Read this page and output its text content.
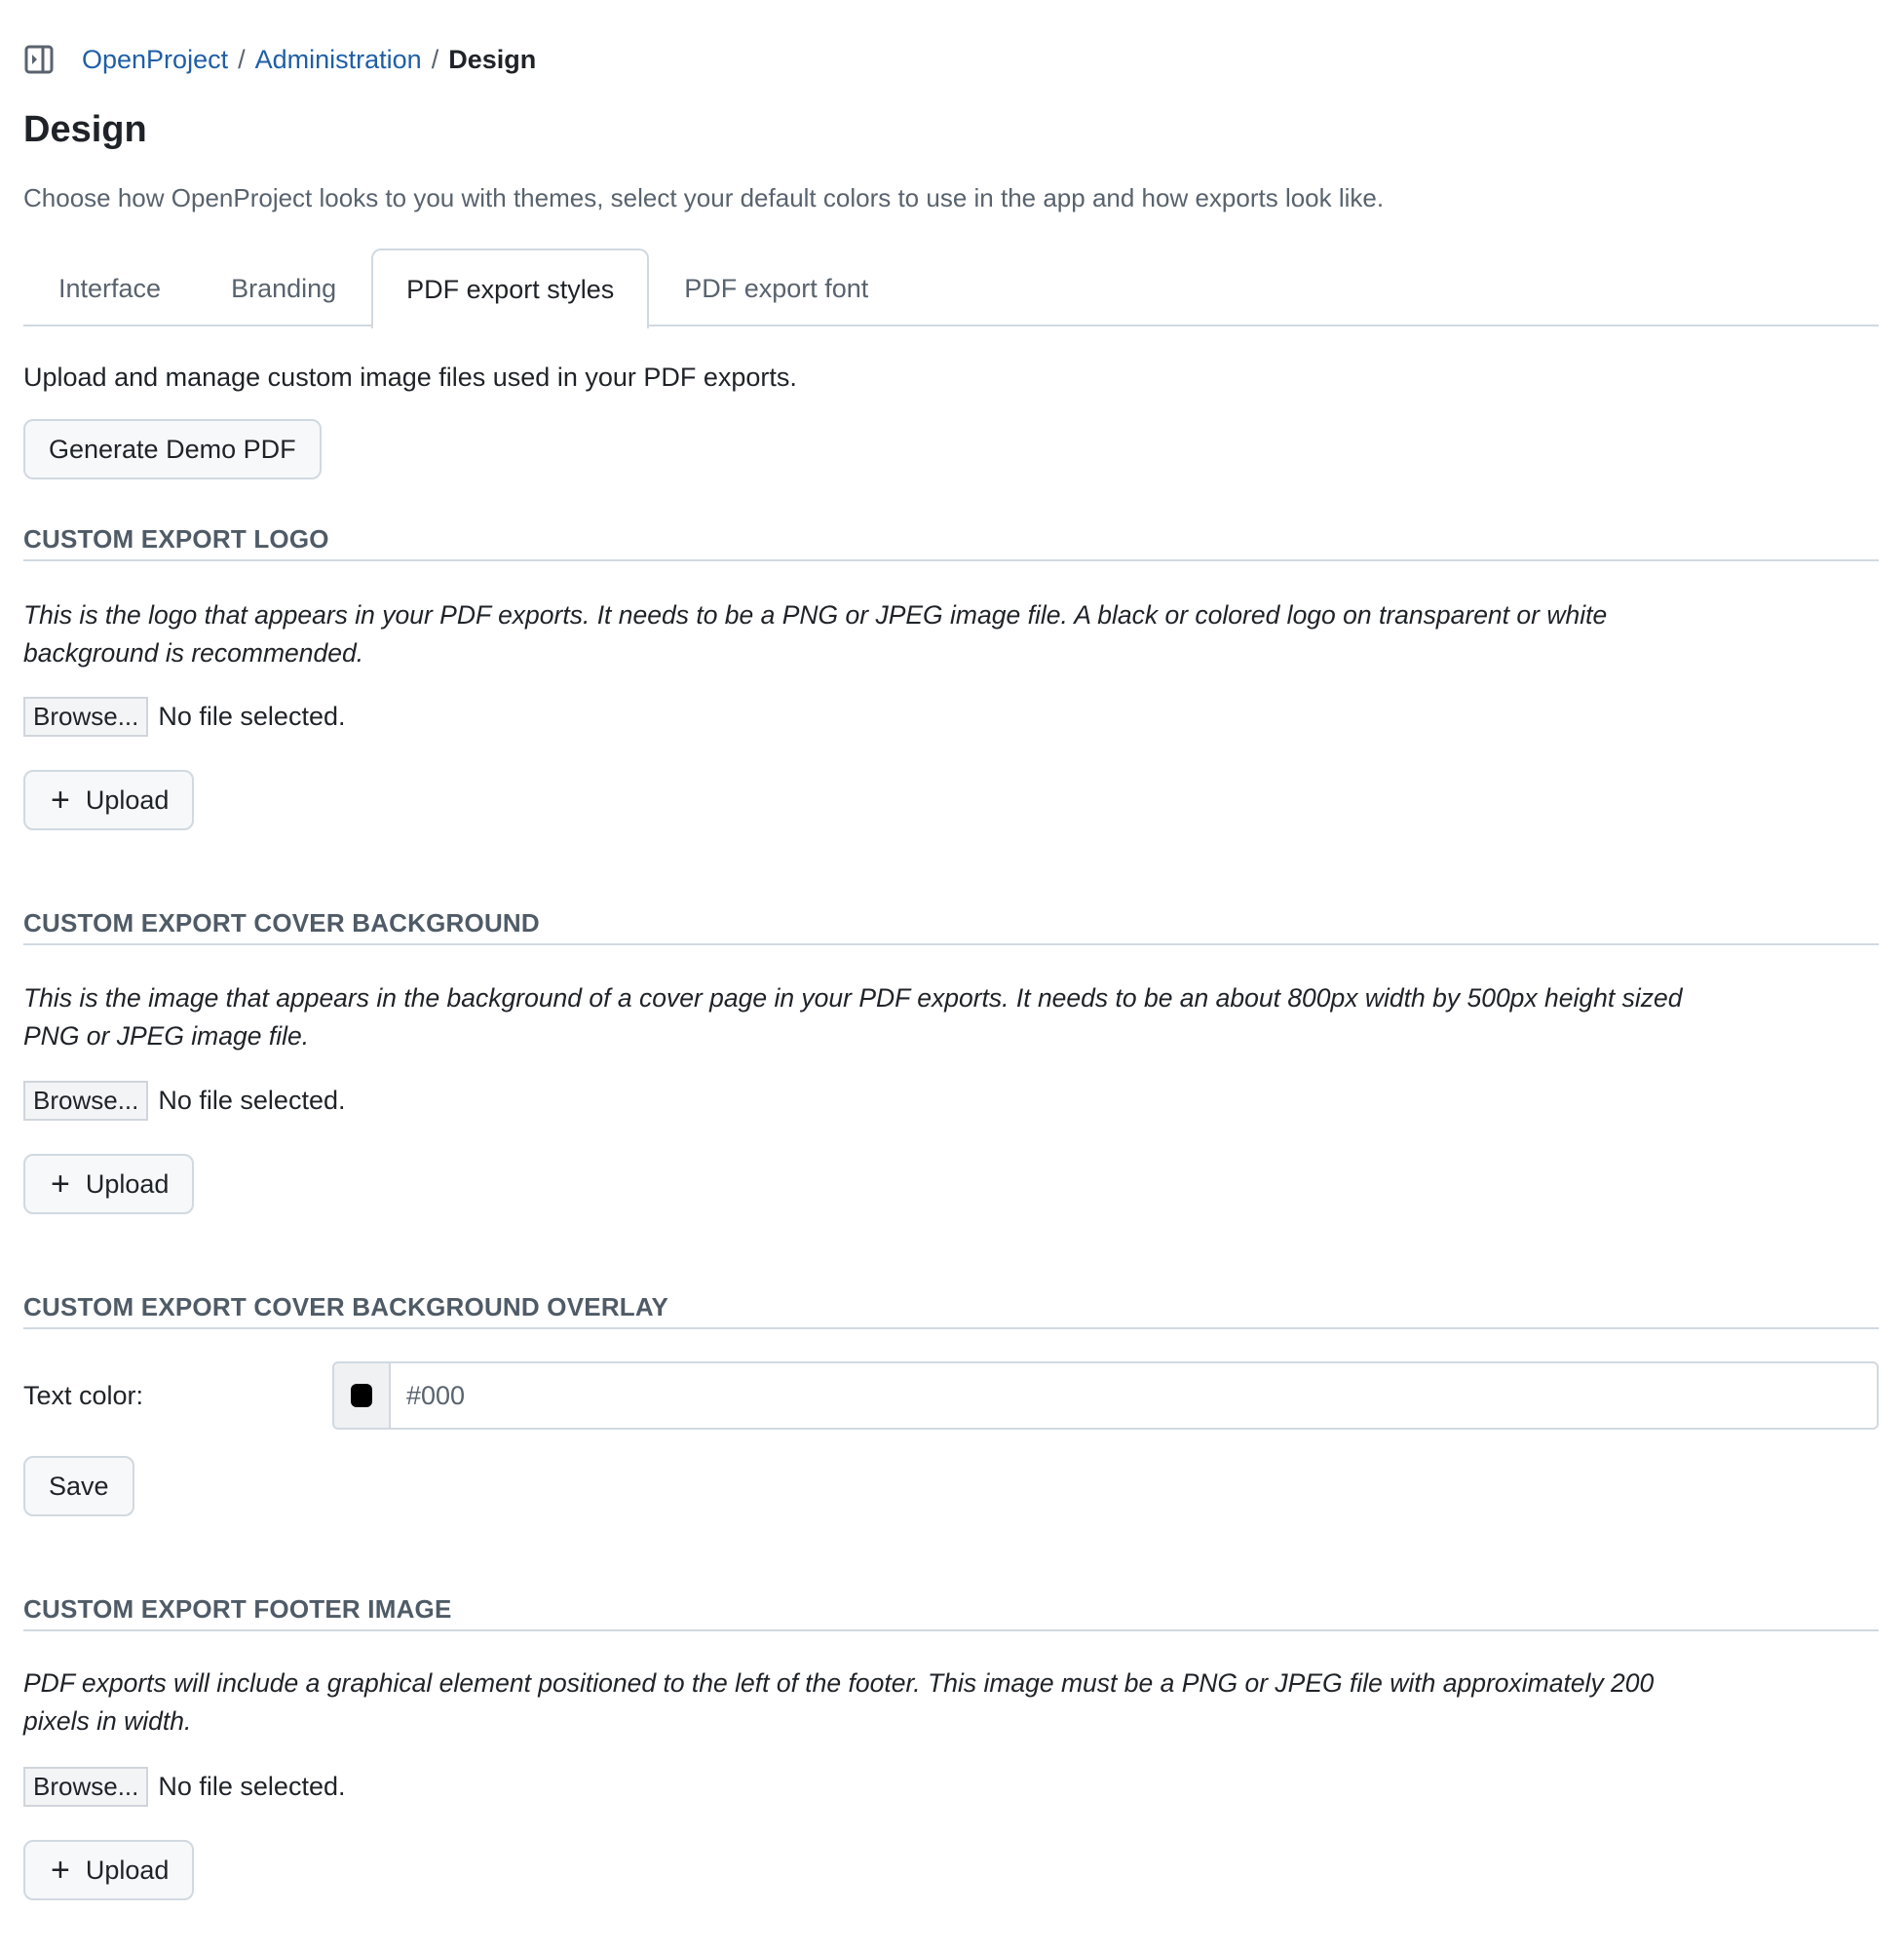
OpenProject / Administration / Design
Design

Choose how OpenProject looks to you with themes, select your default colors to use in the app and how exports look like.

Interface	Branding	PDF export styles	PDF export font

Upload and manage custom image files used in your PDF exports.

Generate Demo PDF
CUSTOM EXPORT LOGO
This is the logo that appears in your PDF exports. It needs to be a PNG or JPEG image file. A black or colored logo on transparent or white
background is recommended.
Browse... No file selected.
+ Upload
CUSTOM EXPORT COVER BACKGROUND
This is the image that appears in the background of a cover page in your PDF exports. It needs to be an about 800px width by 500px height sized
PNG or JPEG image file.
Browse... No file selected.
+ Upload
CUSTOM EXPORT COVER BACKGROUND OVERLAY
Text color:
#000
Save
CUSTOM EXPORT FOOTER IMAGE
PDF exports will include a graphical element positioned to the left of the footer. This image must be a PNG or JPEG file with approximately 200
pixels in width.
Browse... No file selected.
+ Upload
